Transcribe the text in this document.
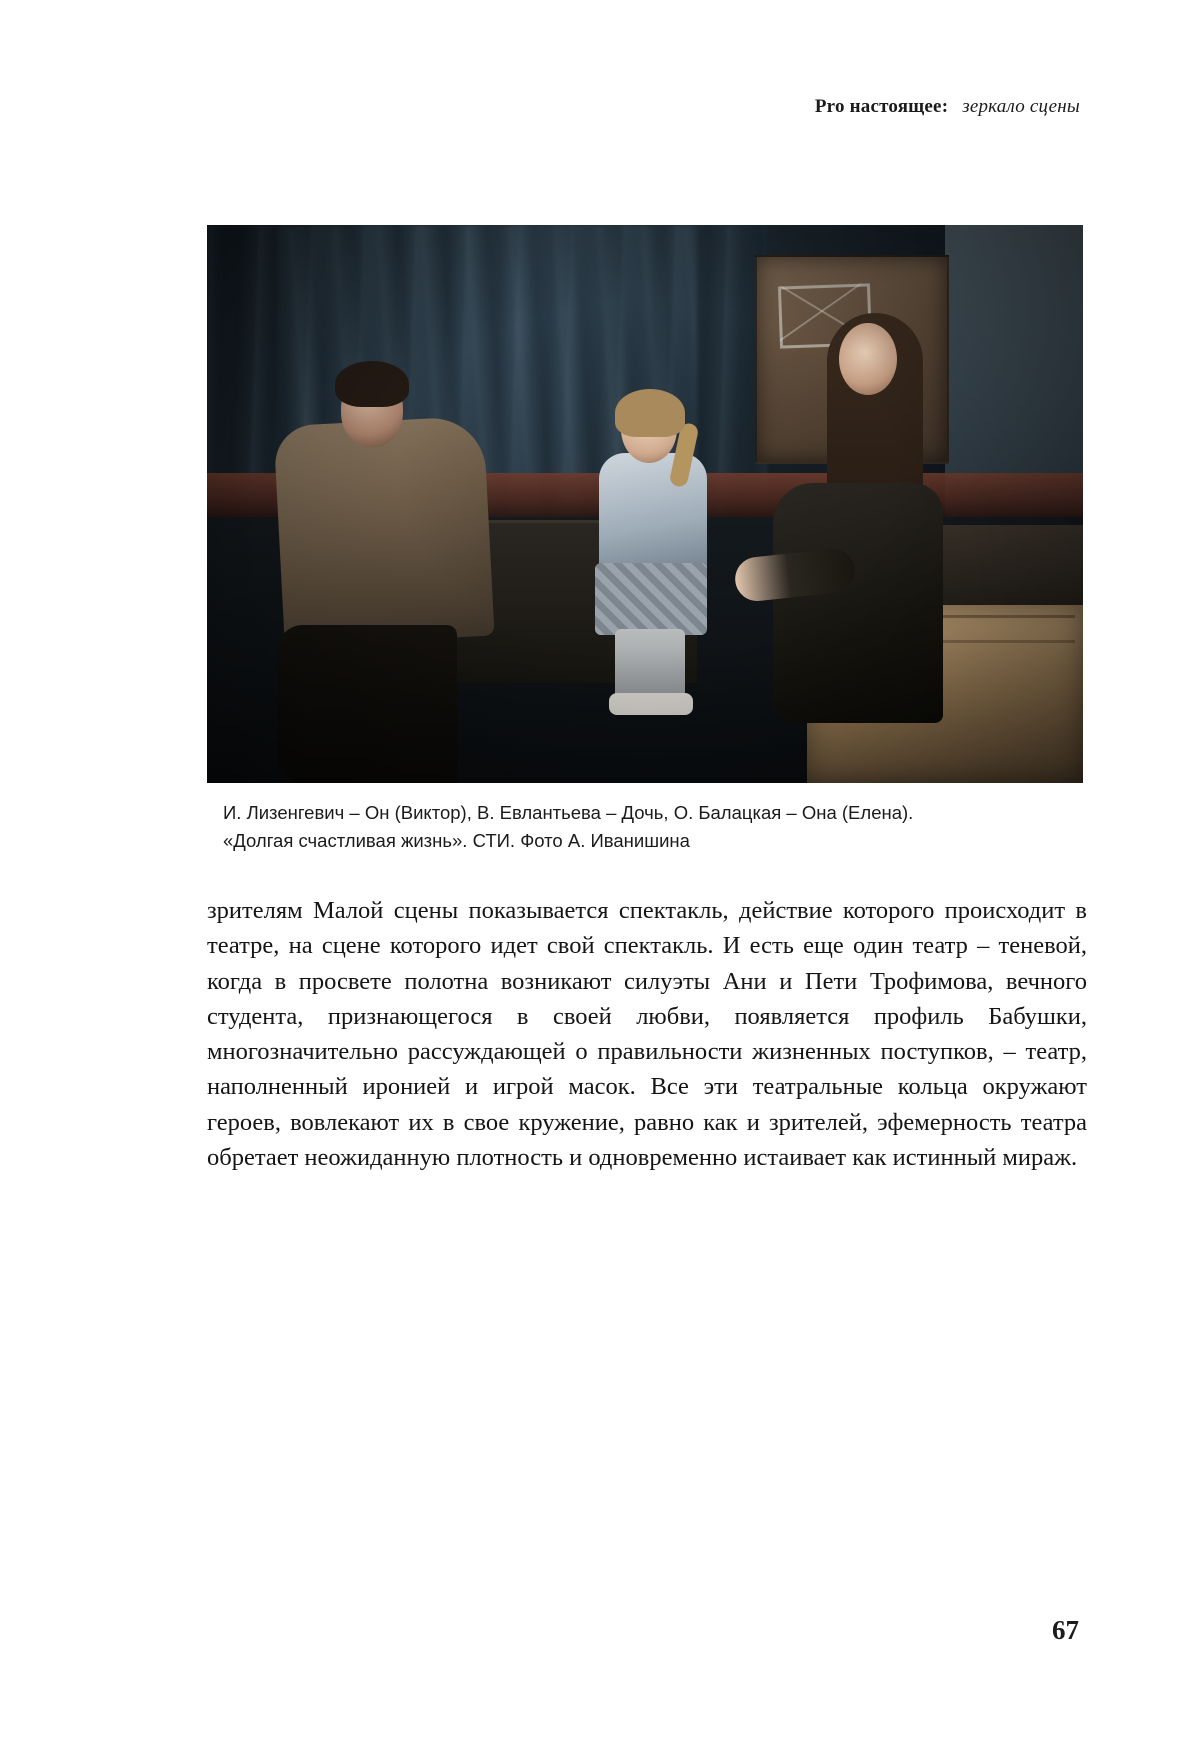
Pro настоящее: зеркало сцены
И. Лизенгевич – Он (Виктор), В. Евлантьева – Дочь, О. Балацкая – Она (Елена).
«Долгая счастливая жизнь». СТИ. Фото А. Иванишина

зрителям Малой сцены показывается спектакль, действие которого происходит в театре, на сцене которого идет свой спектакль. И есть еще один театр – теневой, когда в просвете полотна возникают силуэты Ани и Пети Трофимова, вечного студента, признающегося в своей любви, появляется профиль Бабушки, многозначительно рассуждающей о правильности жизненных поступков, – театр, наполненный иронией и игрой масок. Все эти театральные кольца окружают героев, вовлекают их в свое кружение, равно как и зрителей, эфемерность театра обретает неожиданную плотность и одновременно истаивает как истинный мираж.

67
